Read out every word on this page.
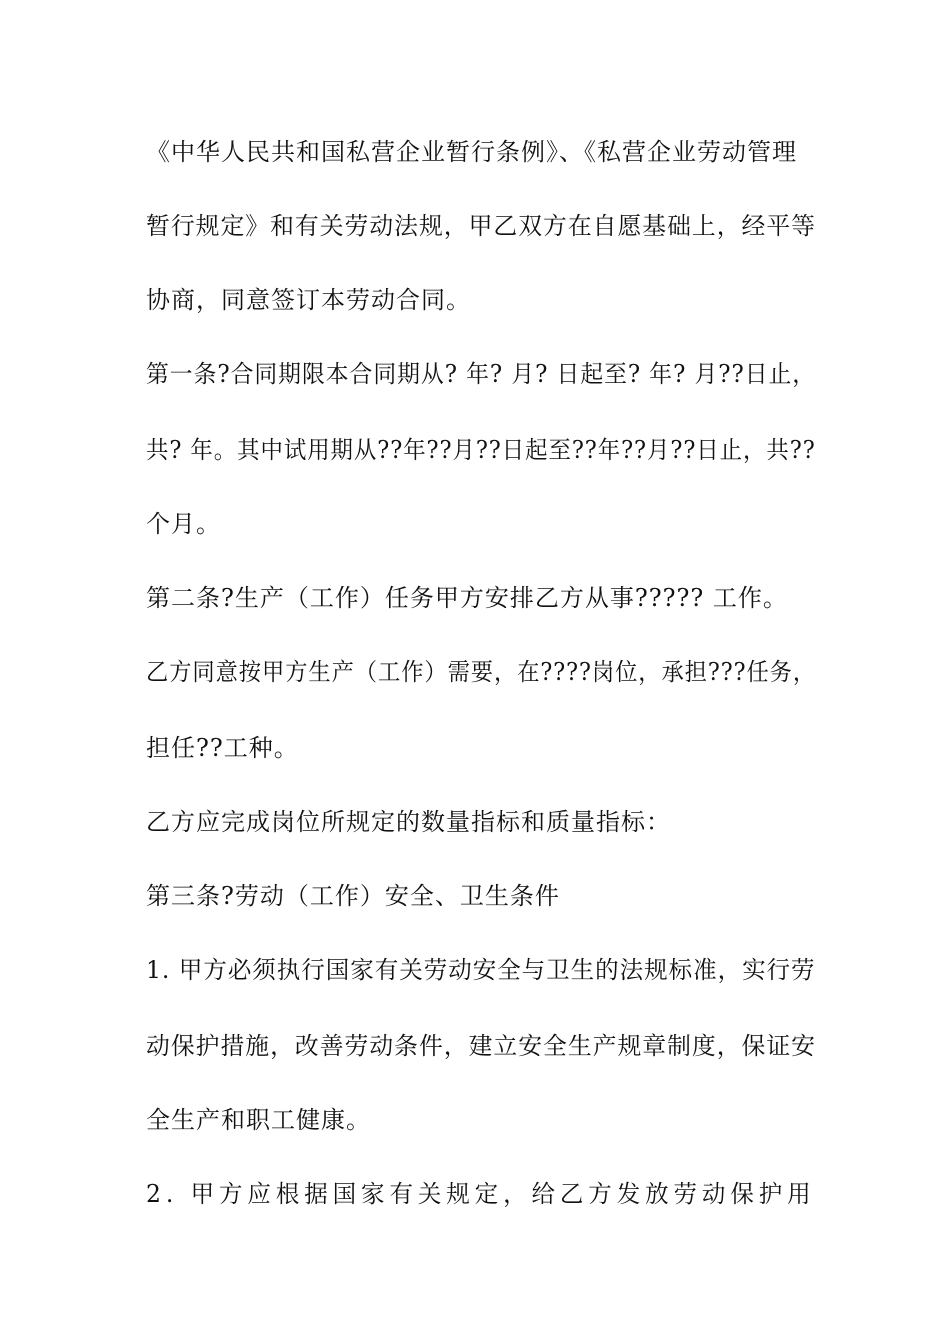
《中华人民共和国私营企业暂行条例》、《私营企业劳动管理
暂行规定》和有关劳动法规，甲乙双方在自愿基础上，经平等
协商，同意签订本劳动合同。
第一条?合同期限本合同期从? 年? 月? 日起至? 年? 月??日止，
共? 年。其中试用期从??年??月??日起至??年??月??日止，共??
个月。
第二条?生产（工作）任务甲方安排乙方从事????? 工作。
乙方同意按甲方生产（工作）需要，在????岗位，承担???任务，
担任??工种。
乙方应完成岗位所规定的数量指标和质量指标：
第三条?劳动（工作）安全、卫生条件
1. 甲方必须执行国家有关劳动安全与卫生的法规标准，实行劳
动保护措施，改善劳动条件，建立安全生产规章制度，保证安
全生产和职工健康。
2. 甲方应根据国家有关规定，给乙方发放劳动保护用
